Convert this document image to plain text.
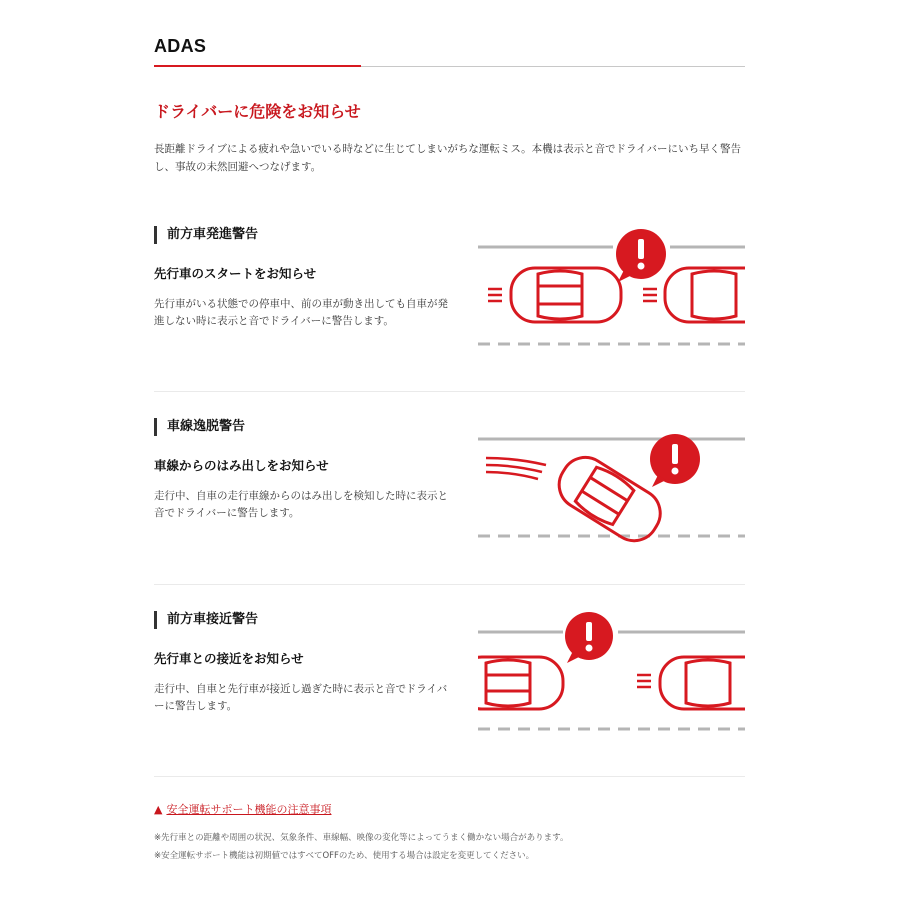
ADAS
ドライバーに危険をお知らせ
長距離ドライブによる疲れや急いでいる時などに生じてしまいがちな運転ミス。本機は表示と音でドライバーにいち早く警告し、事故の未然回避へつなげます。
前方車発進警告
先行車のスタートをお知らせ
先行車がいる状態での停車中、前の車が動き出しても自車が発進しない時に表示と音でドライバーに警告します。
車線逸脱警告
車線からのはみ出しをお知らせ
走行中、自車の走行車線からのはみ出しを検知した時に表示と音でドライバーに警告します。
前方車接近警告
先行車との接近をお知らせ
走行中、自車と先行車が接近し過ぎた時に表示と音でドライバーに警告します。
▲ 安全運転サポート機能の注意事項
※先行車との距離や周囲の状況、気象条件、車線幅、映像の変化等によってうまく働かない場合があります。
※安全運転サポート機能は初期値ではすべてOFFのため、使用する場合は設定を変更してください。
